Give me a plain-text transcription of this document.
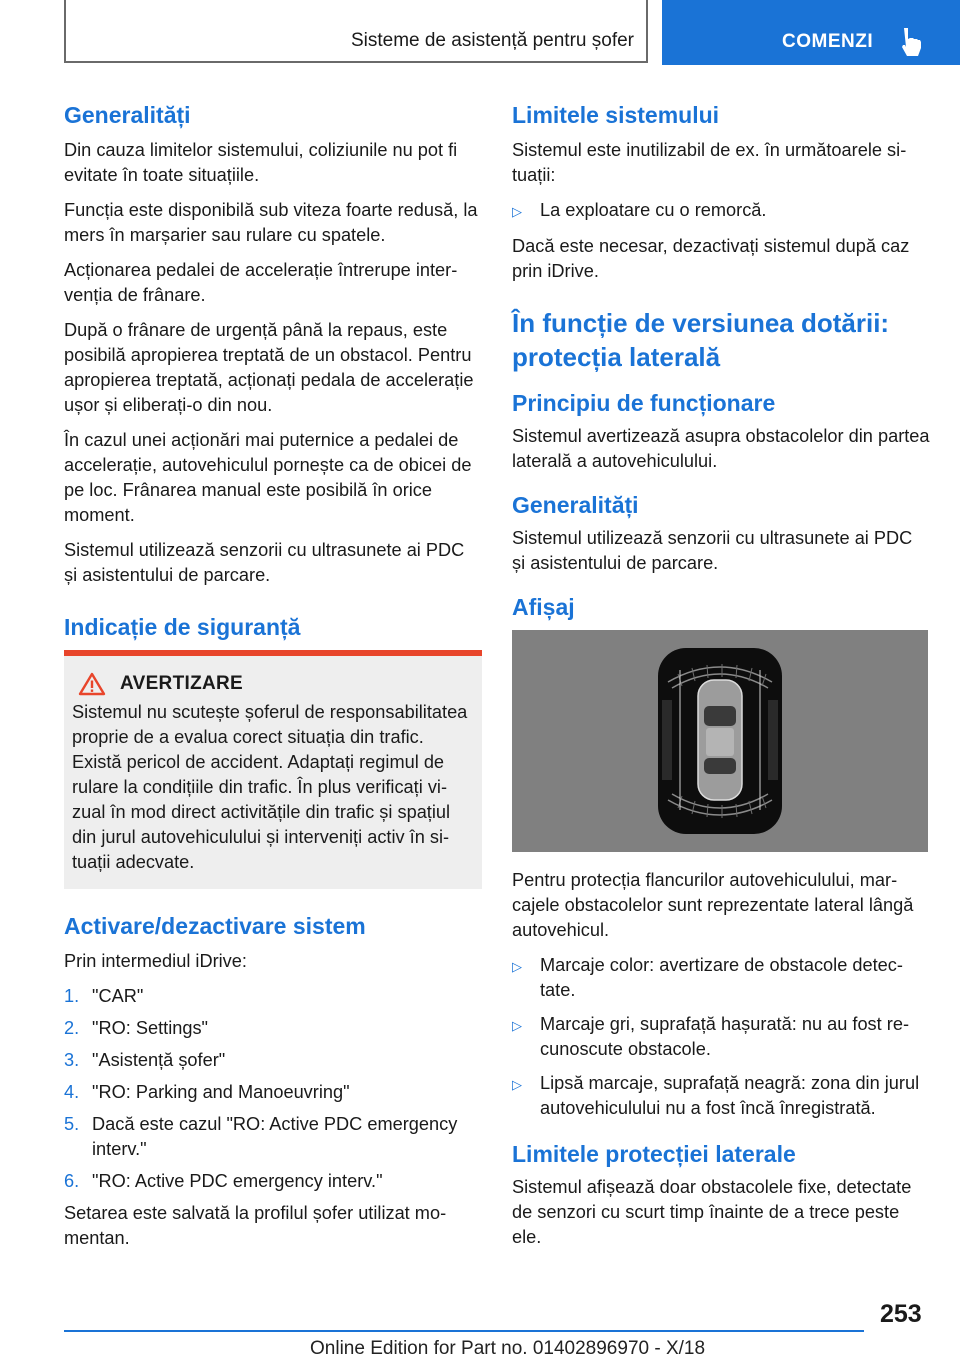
Sisteme de asistență pentru șofer	COMENZI
Generalități
Din cauza limitelor sistemului, coliziunile nu pot fi evitate în toate situațiile.
Funcția este disponibilă sub viteza foarte redusă, la mers în marșarier sau rulare cu spatele.
Acționarea pedalei de accelerație întrerupe intervenția de frânare.
După o frânare de urgență până la repaus, este posibilă apropierea treptată de un obstacol. Pentru apropierea treptată, acționați pedala de accelerație ușor și eliberați-o din nou.
În cazul unei acționări mai puternice a pedalei de accelerație, autovehiculul pornește ca de obicei de pe loc. Frânarea manual este posibilă în orice moment.
Sistemul utilizează senzorii cu ultrasunete ai PDC și asistentului de parcare.
Indicație de siguranță
AVERTIZARE
Sistemul nu scutește șoferul de responsabilitatea proprie de a evalua corect situația din trafic. Există pericol de accident. Adaptați regimul de rulare la condițiile din trafic. În plus verificați vizual în mod direct activitățile din trafic și spațiul din jurul autovehiculului și interveniți activ în situații adecvate.
Activare/dezactivare sistem
Prin intermediul iDrive:
1. "CAR"
2. "RO: Settings"
3. "Asistență șofer"
4. "RO: Parking and Manoeuvring"
5. Dacă este cazul "RO: Active PDC emergency interv."
6. "RO: Active PDC emergency interv."
Setarea este salvată la profilul șofer utilizat momentan.
Limitele sistemului
Sistemul este inutilizabil de ex. în următoarele situații:
▷ La exploatare cu o remorcă.
Dacă este necesar, dezactivați sistemul după caz prin iDrive.
În funcție de versiunea dotării: protecția laterală
Principiu de funcționare
Sistemul avertizează asupra obstacolelor din partea laterală a autovehiculului.
Generalități
Sistemul utilizează senzorii cu ultrasunete ai PDC și asistentului de parcare.
Afișaj
Pentru protecția flancurilor autovehiculului, marcajele obstacolelor sunt reprezentate lateral lângă autovehicul.
▷ Marcaje color: avertizare de obstacole detectate.
▷ Marcaje gri, suprafață hașurată: nu au fost recunoscute obstacole.
▷ Lipsă marcaje, suprafață neagră: zona din jurul autovehiculului nu a fost încă înregistrată.
Limitele protecției laterale
Sistemul afișează doar obstacolele fixe, detectate de senzori cu scurt timp înainte de a trece peste ele.
253
Online Edition for Part no. 01402896970 - X/18
